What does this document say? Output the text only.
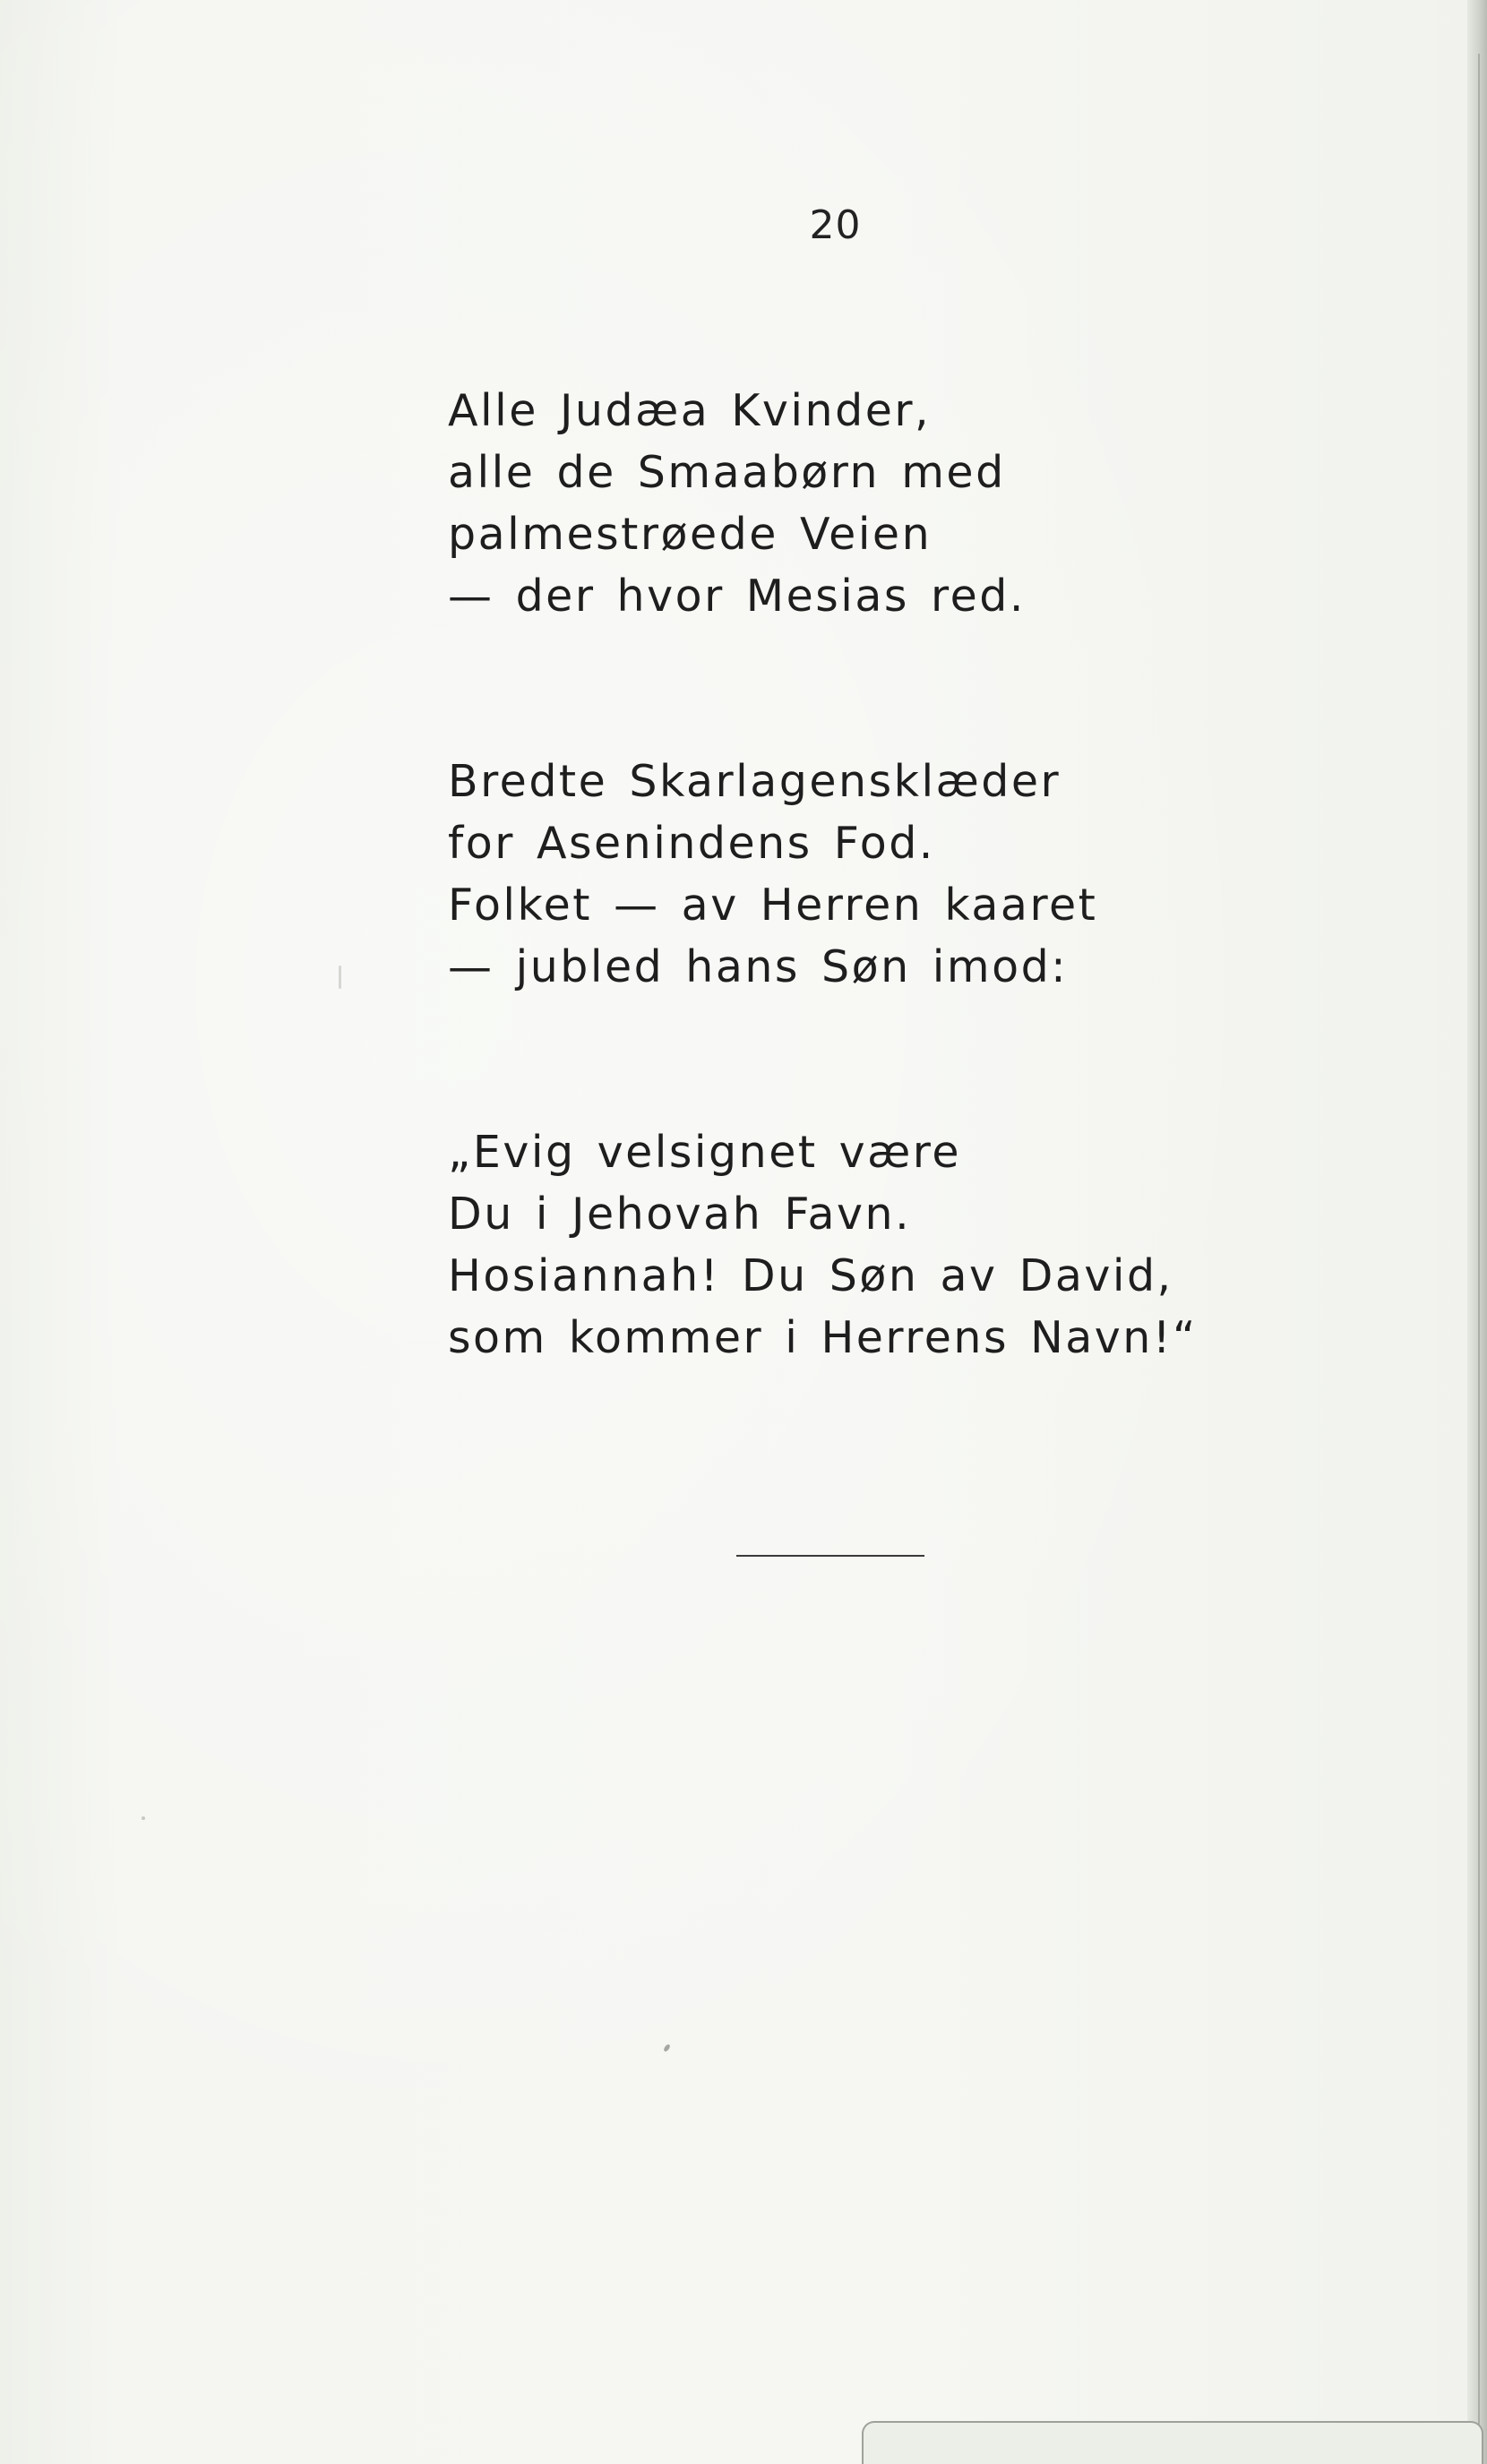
20
Alle Judæa Kvinder,
alle de Smaabørn med
palmestrøede Veien
— der hvor Mesias red.
Bredte Skarlagensklæder
for Asenindens Fod.
Folket — av Herren kaaret
— jubled hans Søn imod:
„Evig velsignet være
Du i Jehovah Favn.
Hosiannah! Du Søn av David,
som kommer i Herrens Navn!“
